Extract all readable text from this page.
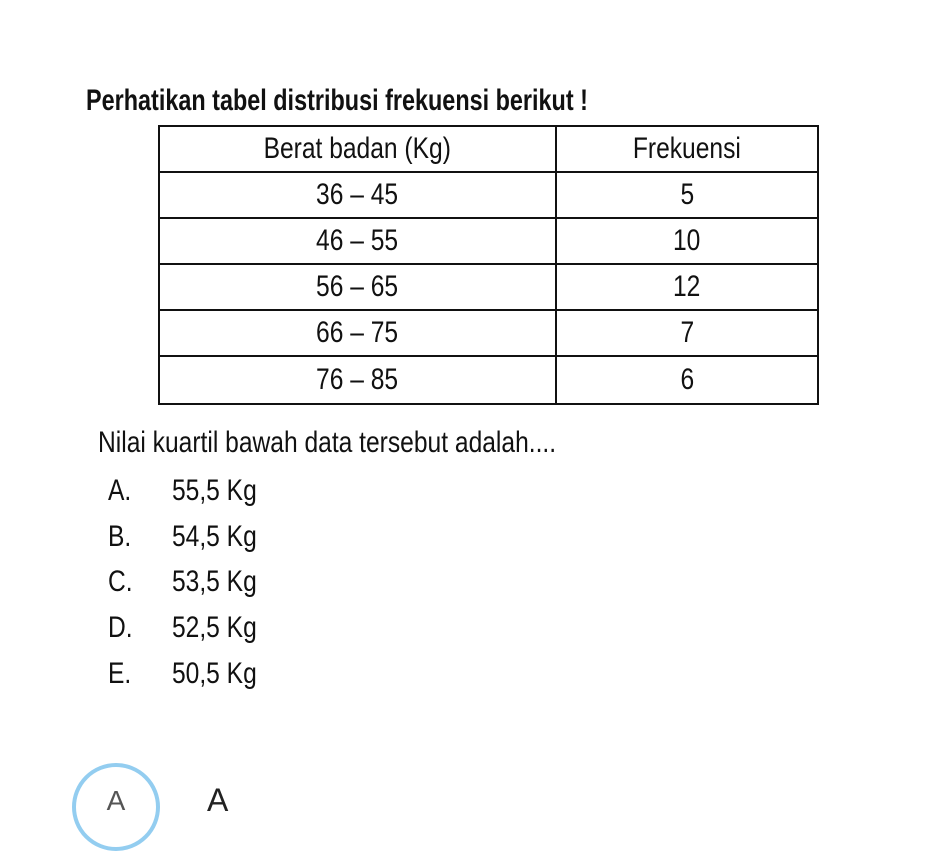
Perhatikan tabel distribusi frekuensi berikut !
Berat badan (Kg)	Frekuensi
36 – 45	5
46 – 55	10
56 – 65	12
66 – 75	7
76 – 85	6
Nilai kuartil bawah data tersebut adalah....
A. 55,5 Kg
B. 54,5 Kg
C. 53,5 Kg
D. 52,5 Kg
E. 50,5 Kg
A	A
